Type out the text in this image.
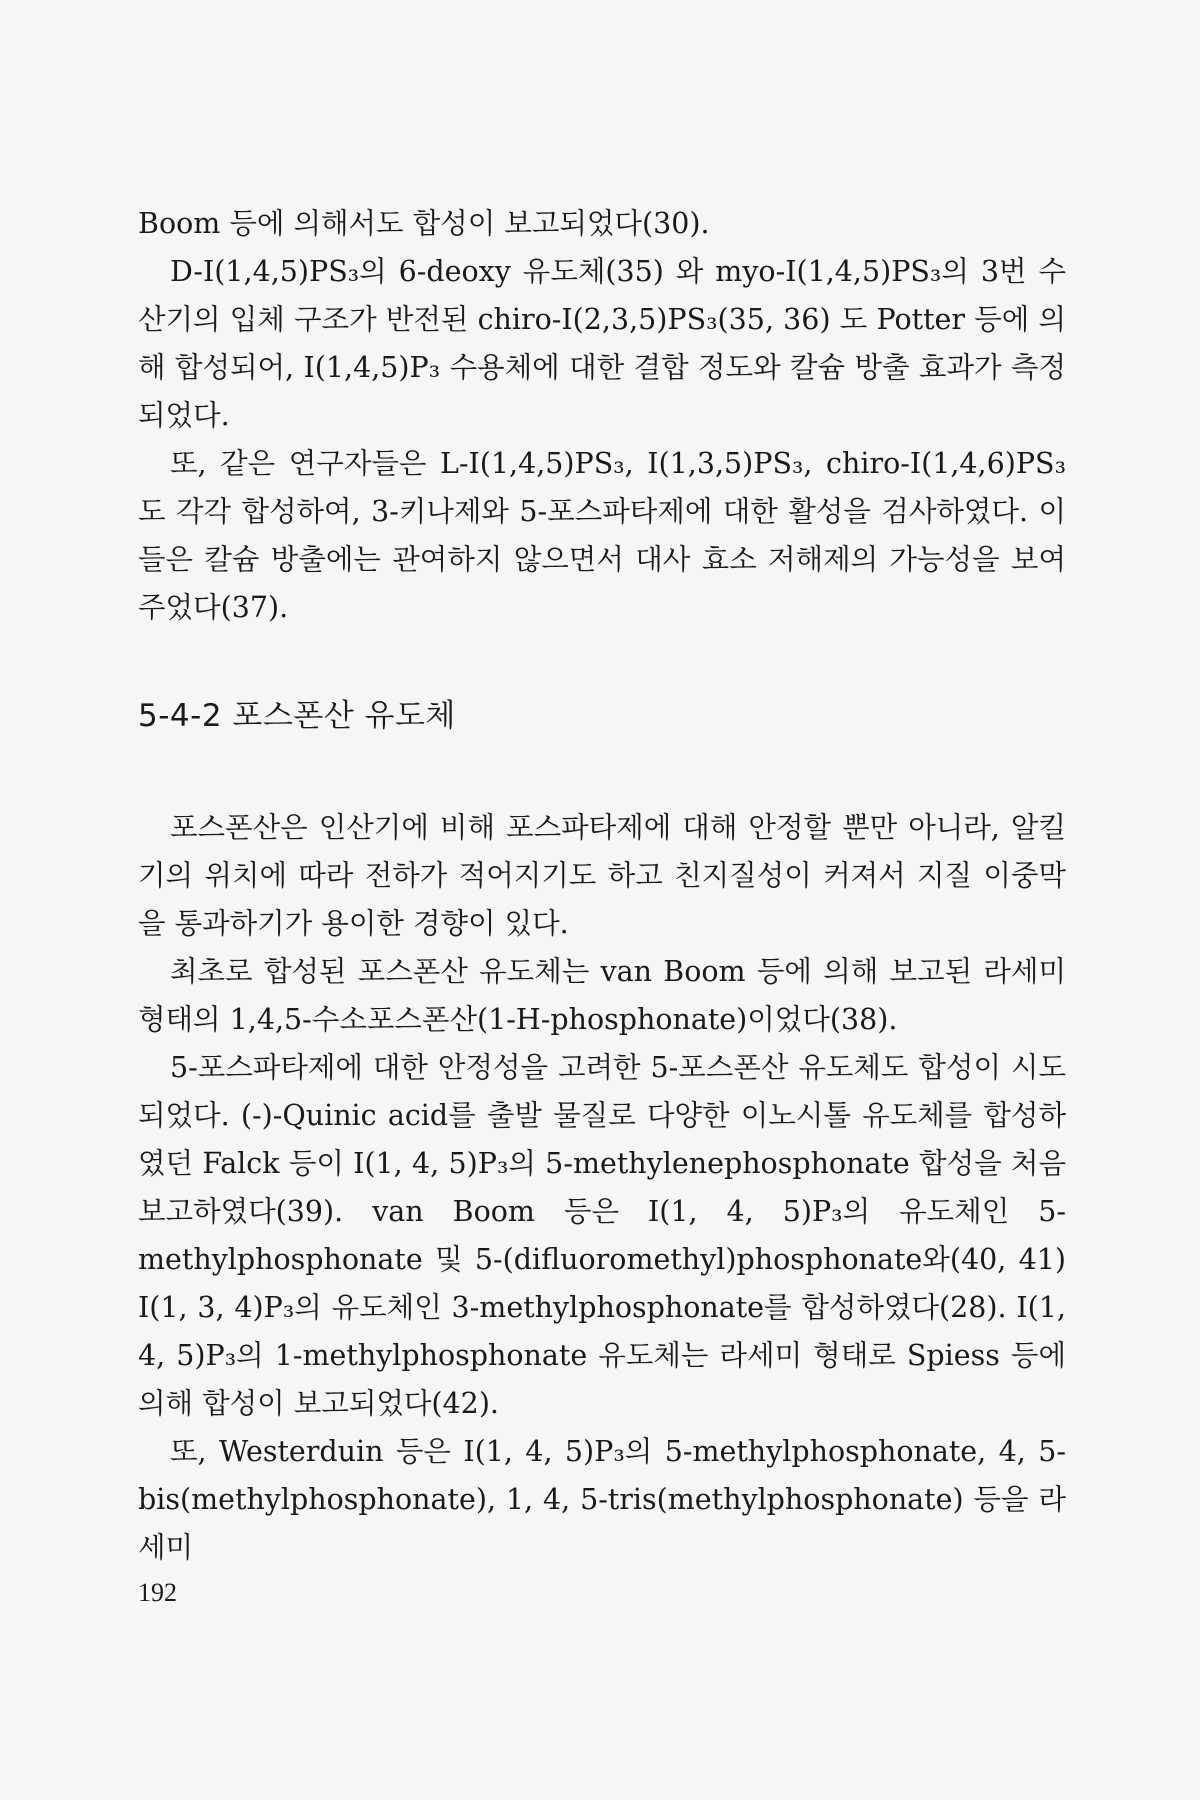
Boom 등에 의해서도 합성이 보고되었다(30).

D-I(1,4,5)PS₃의 6-deoxy 유도체(35) 와 myo-I(1,4,5)PS₃의 3번 수산기의 입체 구조가 반전된 chiro-I(2,3,5)PS₃(35, 36) 도 Potter 등에 의해 합성되어, I(1,4,5)P₃ 수용체에 대한 결합 정도와 칼슘 방출 효과가 측정되었다.

또, 같은 연구자들은 L-I(1,4,5)PS₃, I(1,3,5)PS₃, chiro-I(1,4,6)PS₃ 도 각각 합성하여, 3-키나제와 5-포스파타제에 대한 활성을 검사하였다. 이들은 칼슘 방출에는 관여하지 않으면서 대사 효소 저해제의 가능성을 보여주었다(37).

5-4-2 포스폰산 유도체

포스폰산은 인산기에 비해 포스파타제에 대해 안정할 뿐만 아니라, 알킬기의 위치에 따라 전하가 적어지기도 하고 친지질성이 커져서 지질 이중막을 통과하기가 용이한 경향이 있다.

최초로 합성된 포스폰산 유도체는 van Boom 등에 의해 보고된 라세미 형태의 1,4,5-수소포스폰산(1-H-phosphonate)이었다(38).

5-포스파타제에 대한 안정성을 고려한 5-포스폰산 유도체도 합성이 시도되었다. (-)-Quinic acid를 출발 물질로 다양한 이노시톨 유도체를 합성하였던 Falck 등이 I(1, 4, 5)P₃의 5-methylenephosphonate 합성을 처음 보고하였다(39). van Boom 등은 I(1, 4, 5)P₃의 유도체인 5-methylphosphonate 및 5-(difluoromethyl)phosphonate와(40, 41) I(1, 3, 4)P₃의 유도체인 3-methylphosphonate를 합성하였다(28). I(1, 4, 5)P₃의 1-methylphosphonate 유도체는 라세미 형태로 Spiess 등에 의해 합성이 보고되었다(42).

또, Westerduin 등은 I(1, 4, 5)P₃의 5-methylphosphonate, 4, 5-bis(methylphosphonate), 1, 4, 5-tris(methylphosphonate) 등을 라세미

192
